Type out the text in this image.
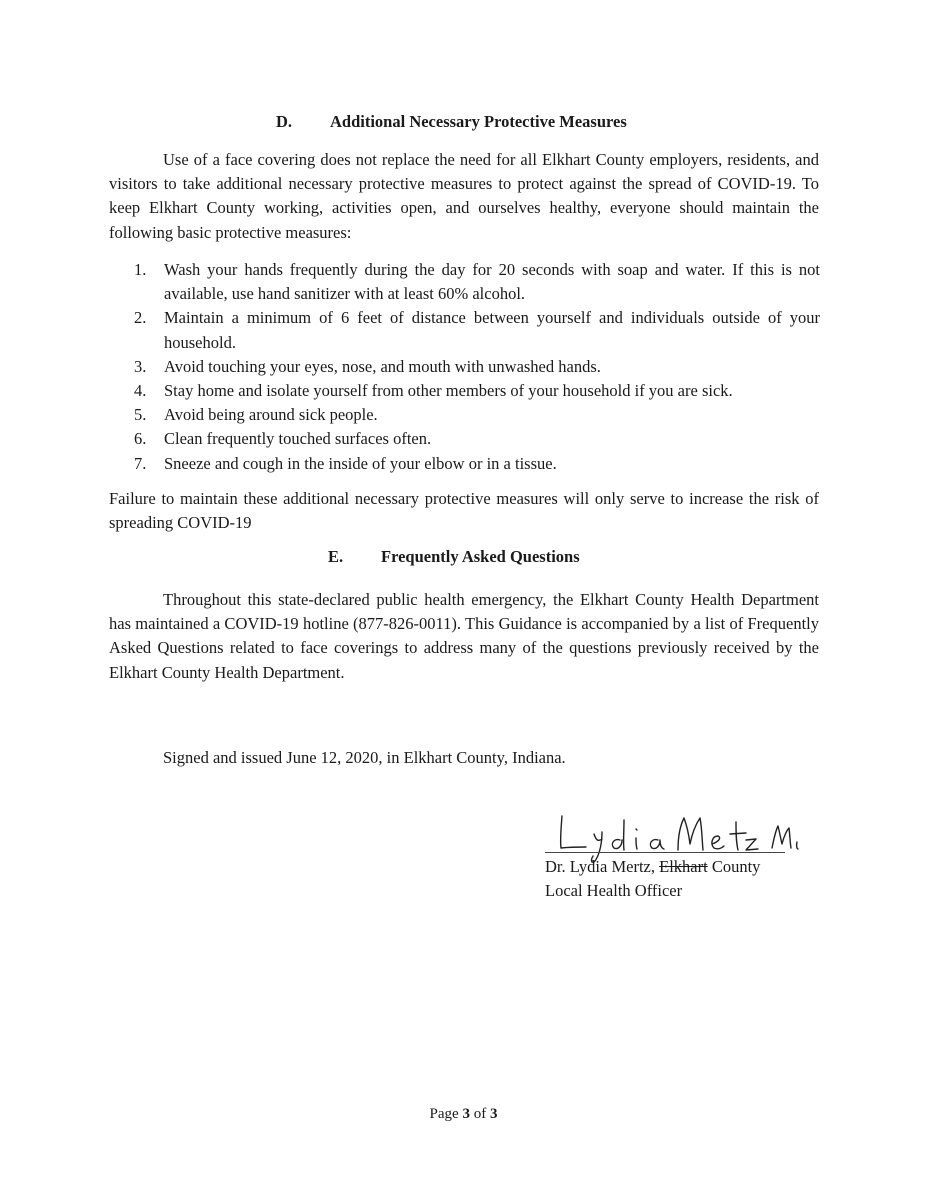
D. Additional Necessary Protective Measures

Use of a face covering does not replace the need for all Elkhart County employers, residents, and visitors to take additional necessary protective measures to protect against the spread of COVID-19. To keep Elkhart County working, activities open, and ourselves healthy, everyone should maintain the following basic protective measures:

1. Wash your hands frequently during the day for 20 seconds with soap and water. If this is not available, use hand sanitizer with at least 60% alcohol.
2. Maintain a minimum of 6 feet of distance between yourself and individuals outside of your household.
3. Avoid touching your eyes, nose, and mouth with unwashed hands.
4. Stay home and isolate yourself from other members of your household if you are sick.
5. Avoid being around sick people.
6. Clean frequently touched surfaces often.
7. Sneeze and cough in the inside of your elbow or in a tissue.

Failure to maintain these additional necessary protective measures will only serve to increase the risk of spreading COVID-19

E. Frequently Asked Questions

Throughout this state-declared public health emergency, the Elkhart County Health Department has maintained a COVID-19 hotline (877-826-0011). This Guidance is accompanied by a list of Frequently Asked Questions related to face coverings to address many of the questions previously received by the Elkhart County Health Department.

Signed and issued June 12, 2020, in Elkhart County, Indiana.
Dr. Lydia Mertz, Elkhart County
Local Health Officer
Page 3 of 3
